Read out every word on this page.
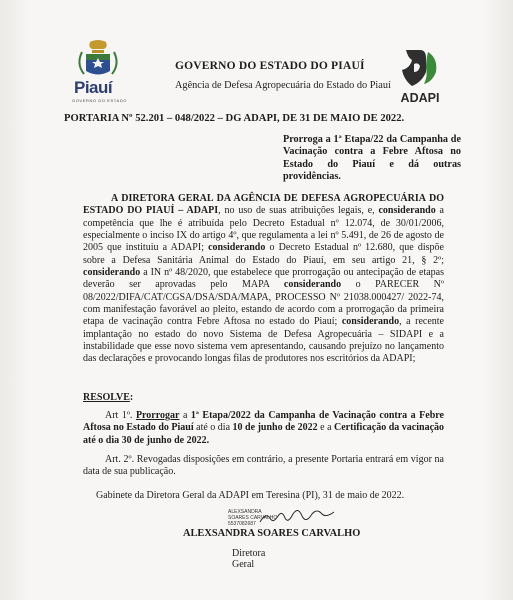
Piauí
GOVERNO DO ESTADO
GOVERNO DO ESTADO DO PIAUÍ
Agência de Defesa Agropecuária do Estado do Piauí
ADAPI
PORTARIA Nº 52.201 – 048/2022 – DG ADAPI, DE 31 DE MAIO DE 2022.
Prorroga a 1ª Etapa/22 da Campanha de Vacinação contra a Febre Aftosa no Estado do Piauí e dá outras providências.
A DIRETORA GERAL DA AGÊNCIA DE DEFESA AGROPECUÁRIA DO ESTADO DO PIAUÍ – ADAPI, no uso de suas atribuições legais, e, considerando a competência que lhe é atribuída pelo Decreto Estadual nº 12.074, de 30/01/2006, especialmente o inciso IX do artigo 4º, que regulamenta a lei nº 5.491, de 26 de agosto de 2005 que instituiu a ADAPI; considerando o Decreto Estadual nº 12.680, que dispõe sobre a Defesa Sanitária Animal do Estado do Piauí, em seu artigo 21, § 2º; considerando a IN nº 48/2020, que estabelece que prorrogação ou antecipação de etapas deverão ser aprovadas pelo MAPA considerando o PARECER Nº 08/2022/DIFA/CAT/CGSA/DSA/SDA/MAPA, PROCESSO Nº 21038.000427/ 2022-74, com manifestação favorável ao pleito, estando de acordo com a prorrogação da primeira etapa de vacinação contra Febre Aftosa no estado do Piauí; considerando, a recente implantação no estado do novo Sistema de Defesa Agropecuária – SIDAPI e a instabilidade que esse novo sistema vem apresentando, causando prejuízo no lançamento das declarações e provocando longas filas de produtores nos escritórios da ADAPI;
RESOLVE:
Art 1º. Prorrogar a 1ª Etapa/2022 da Campanha de Vacinação contra a Febre Aftosa no Estado do Piauí até o dia 10 de junho de 2022 e a Certificação da vacinação até o dia 30 de junho de 2022.
Art. 2º. Revogadas disposições em contrário, a presente Portaria entrará em vigor na data de sua publicação.
Gabinete da Diretora Geral da ADAPI em Teresina (PI), 31 de maio de 2022.
ALEXSANDRA
SOARES CARVALHO
5537082687
ALEXSANDRA SOARES CARVALHO
Diretora Geral
